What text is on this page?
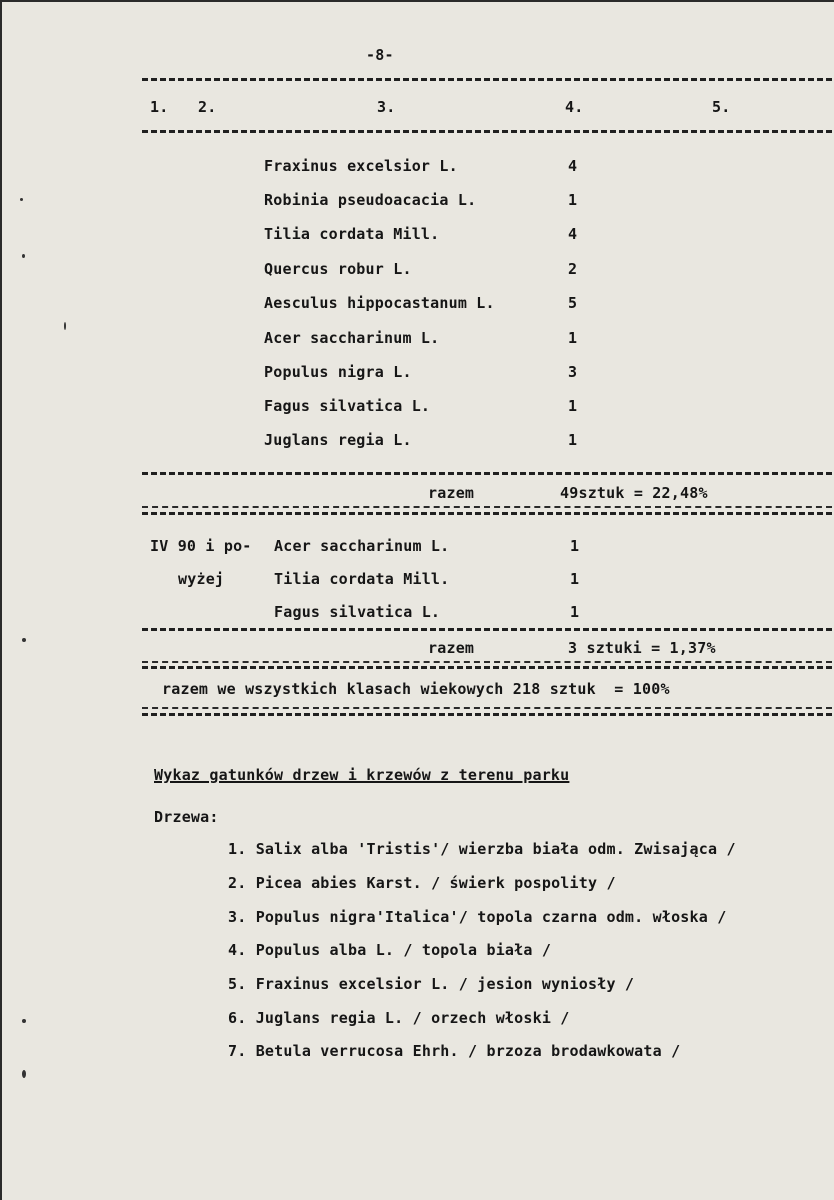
-8-
1. 2.	3.	4.	5.
Fraxinus excelsior L.	4
Robinia pseudoacacia L.	1
Tilia cordata Mill.	4
Quercus robur L.	2
Aesculus hippocastanum L.	5
Acer saccharinum L.	1
Populus nigra L.	3
Fagus silvatica L.	1
Juglans regia L.	1
razem	49sztuk = 22,48%
IV 90 i po-
wyżej
Acer saccharinum L.	1
Tilia cordata Mill.	1
Fagus silvatica L.	1
razem	3 sztuki = 1,37%
razem we wszystkich klasach wiekowych 218 sztuk  = 100%
Wykaz gatunków drzew i krzewów z terenu parku
Drzewa:
1. Salix alba 'Tristis'/ wierzba biała odm. Zwisająca /
2. Picea abies Karst. / świerk pospolity /
3. Populus nigra'Italica'/ topola czarna odm. włoska /
4. Populus alba L. / topola biała /
5. Fraxinus excelsior L. / jesion wyniosły /
6. Juglans regia L. / orzech włoski /
7. Betula verrucosa Ehrh. / brzoza brodawkowata /
